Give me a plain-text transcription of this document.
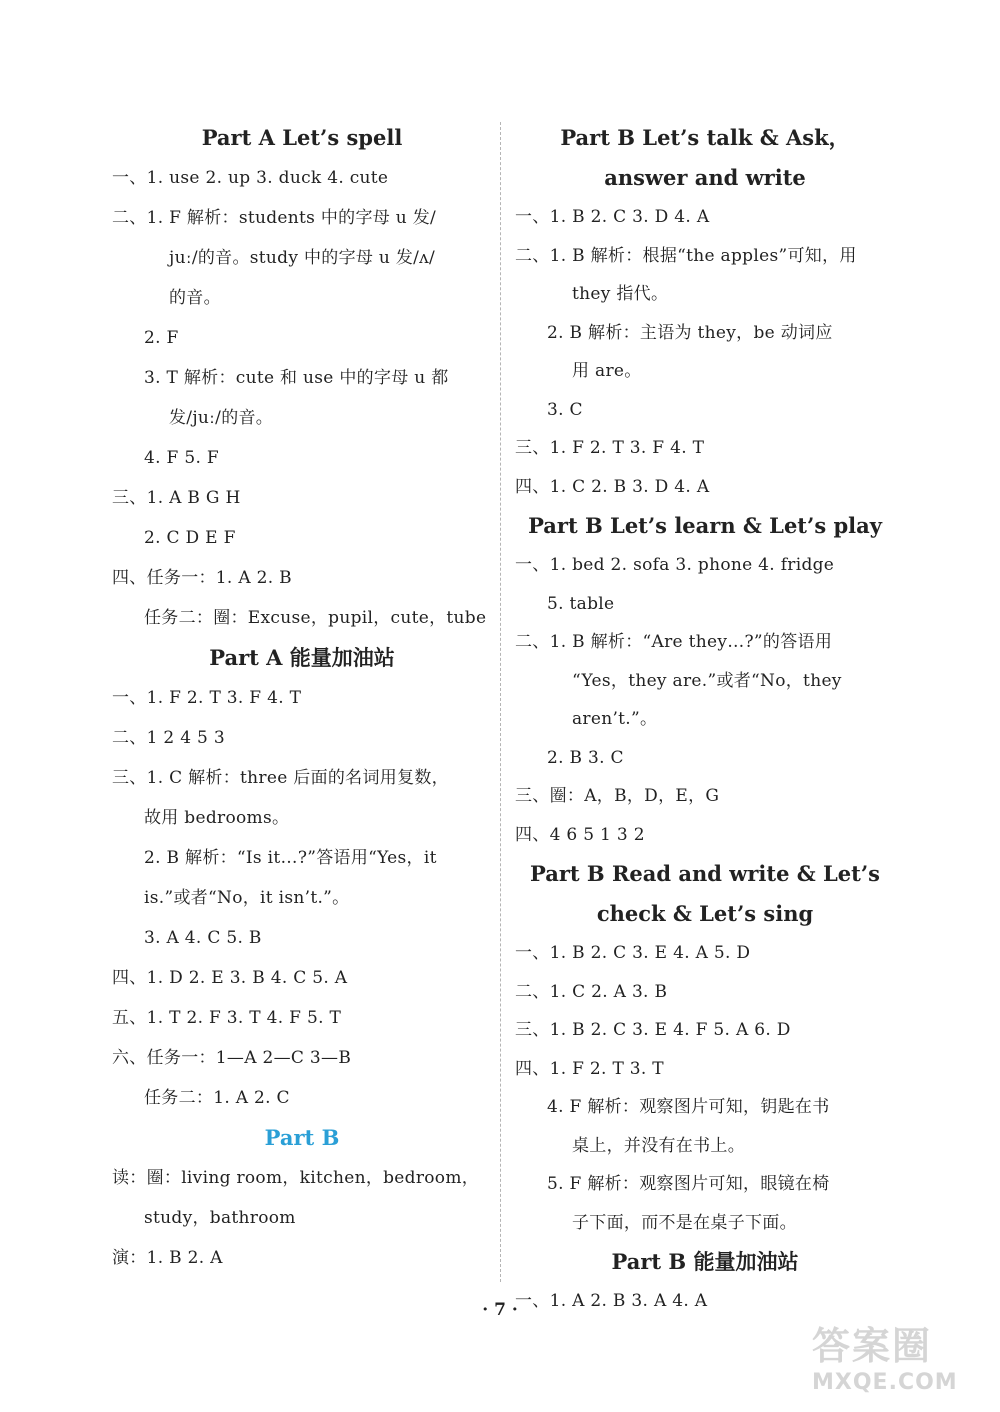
Part A Let’s spell
一、1. use 2. up 3. duck 4. cute
二、1. F 解析：students 中的字母 u 发/
juː/的音。study 中的字母 u 发/ʌ/
的音。
2. F
3. T 解析：cute 和 use 中的字母 u 都
发/juː/的音。
4. F 5. F
三、1. A B G H
2. C D E F
四、任务一：1. A 2. B
任务二：圈：Excuse，pupil，cute，tube
Part A 能量加油站
一、1. F 2. T 3. F 4. T
二、1 2 4 5 3
三、1. C 解析：three 后面的名词用复数，
故用 bedrooms。
2. B 解析：“Is it…?”答语用“Yes，it
is.”或者“No，it isn’t.”。
3. A 4. C 5. B
四、1. D 2. E 3. B 4. C 5. A
五、1. T 2. F 3. T 4. F 5. T
六、任务一：1—A 2—C 3—B
任务二：1. A 2. C
Part B
读：圈：living room，kitchen，bedroom，
study，bathroom
演：1. B 2. A
Part B Let’s talk & Ask，
answer and write
一、1. B 2. C 3. D 4. A
二、1. B 解析：根据“the apples”可知，用
they 指代。
2. B 解析：主语为 they，be 动词应
用 are。
3. C
三、1. F 2. T 3. F 4. T
四、1. C 2. B 3. D 4. A
Part B Let’s learn & Let’s play
一、1. bed 2. sofa 3. phone 4. fridge
5. table
二、1. B 解析：“Are they…?”的答语用
“Yes，they are.”或者“No，they
aren’t.”。
2. B 3. C
三、圈：A，B，D，E，G
四、4 6 5 1 3 2
Part B Read and write & Let’s
check & Let’s sing
一、1. B 2. C 3. E 4. A 5. D
二、1. C 2. A 3. B
三、1. B 2. C 3. E 4. F 5. A 6. D
四、1. F 2. T 3. T
4. F 解析：观察图片可知，钥匙在书
桌上，并没有在书上。
5. F 解析：观察图片可知，眼镜在椅
子下面，而不是在桌子下面。
Part B 能量加油站
一、1. A 2. B 3. A 4. A
· 7 ·
答案圈
MXQE.COM
